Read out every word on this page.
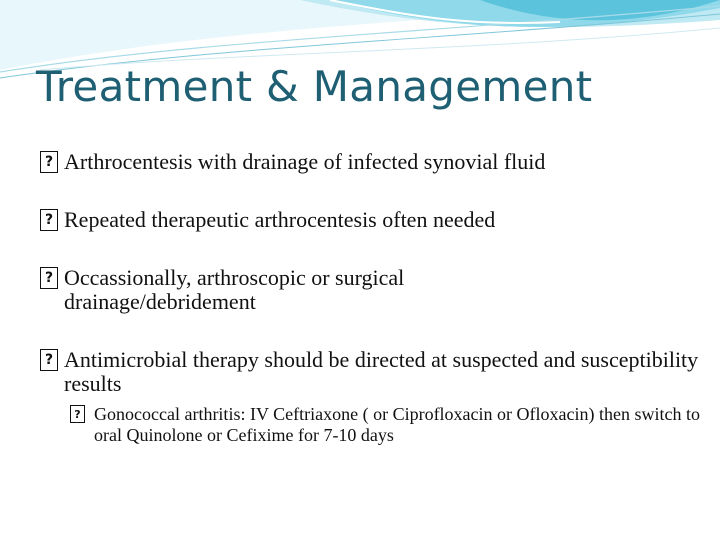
Treatment & Management
? Arthrocentesis with drainage of infected synovial fluid
? Repeated therapeutic arthrocentesis often needed
? Occassionally, arthroscopic or surgical drainage/debridement
? Antimicrobial therapy should be directed at suspected and susceptibility results
? Gonococcal arthritis: IV Ceftriaxone ( or Ciprofloxacin or Ofloxacin) then switch to oral Quinolone or Cefixime for 7-10 days
